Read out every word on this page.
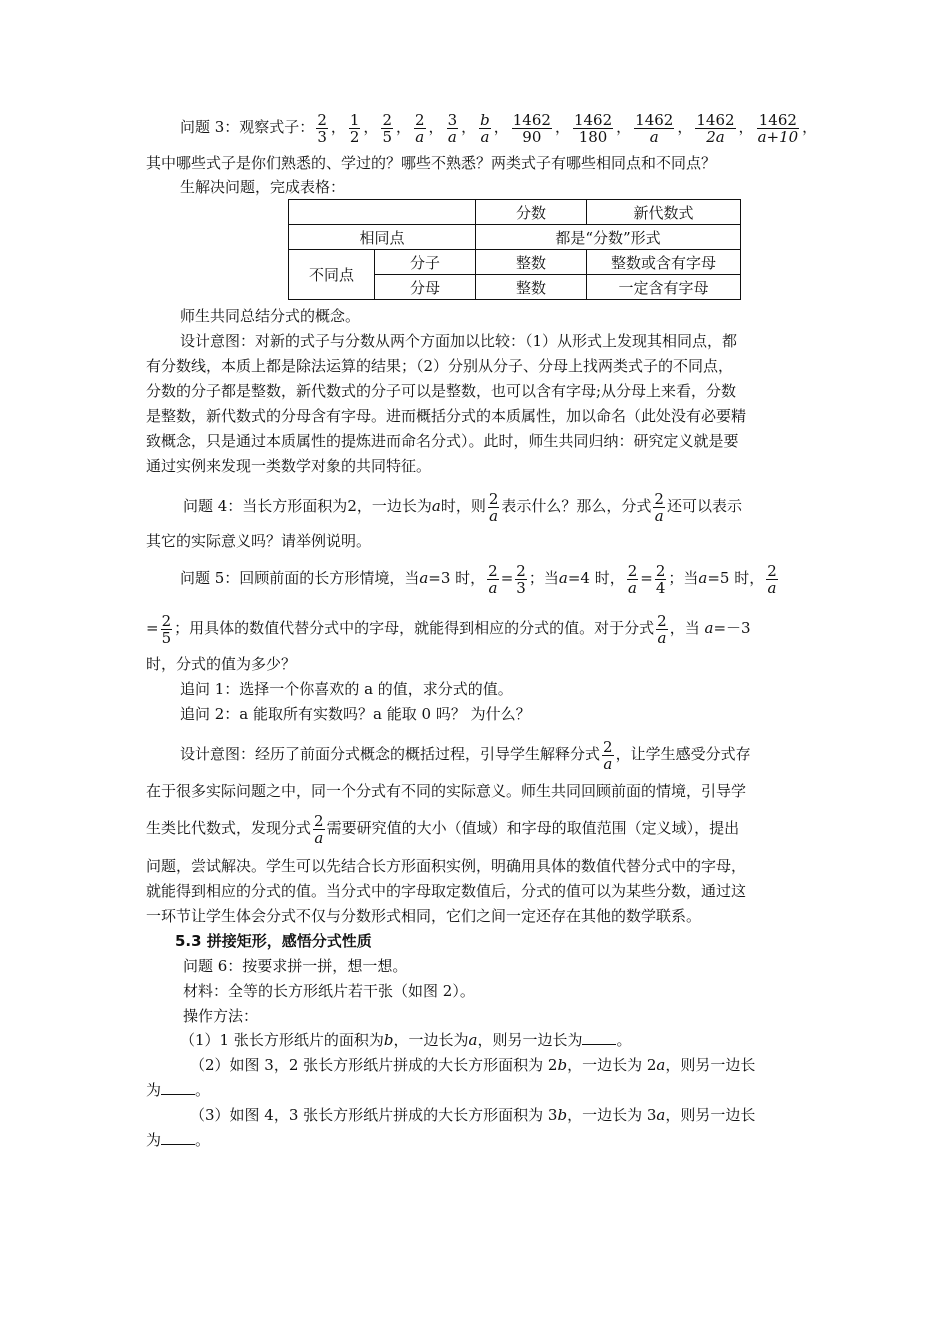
问题 3：观察式子： $\frac{2}{3}$ ， $\frac{1}{2}$ ， $\frac{2}{5}$ ， $\frac{2}{a}$ ， $\frac{3}{a}$ ， $\frac{b}{a}$ ， $\frac{1462}{90}$ ， $\frac{1462}{180}$ ， $\frac{1462}{a}$ ， $\frac{1462}{2a}$ ， $\frac{1462}{a+10}$ ，
其中哪些式子是你们熟悉的、学过的？哪些不熟悉？两类式子有哪些相同点和不同点？
生解决问题，完成表格：
		分数	新代数式
相同点		都是“分数”形式	
不同点	分子	整数	整数或含有字母
	分母	整数	一定含有字母
师生共同总结分式的概念。
设计意图：对新的式子与分数从两个方面加以比较：（1）从形式上发现其相同点，都
有分数线，本质上都是除法运算的结果；（2）分别从分子、分母上找两类式子的不同点，
分数的分子都是整数，新代数式的分子可以是整数，也可以含有字母;从分母上来看，分数
是整数，新代数式的分母含有字母。进而概括分式的本质属性，加以命名（此处没有必要精
致概念，只是通过本质属性的提炼进而命名分式）。此时，师生共同归纳：研究定义就是要
通过实例来发现一类数学对象的共同特征。
问题 4：当长方形面积为2，一边长为a时，则 $\frac{2}{a}$ 表示什么？那么，分式 $\frac{2}{a}$ 还可以表示
其它的实际意义吗？请举例说明。
问题 5：回顾前面的长方形情境，当a=3 时， $\frac{2}{a} = \frac{2}{3}$ ；当a=4 时， $\frac{2}{a} = \frac{2}{4}$ ；当a=5 时， $\frac{2}{a}$
= $\frac{2}{5}$ ；用具体的数值代替分式中的字母，就能得到相应的分式的值。对于分式 $\frac{2}{a}$ ，当 a=－3
时，分式的值为多少？
追问 1：选择一个你喜欢的 a 的值，求分式的值。
追问 2：a 能取所有实数吗？a 能取 0 吗？ 为什么？
设计意图：经历了前面分式概念的概括过程，引导学生解释分式 $\frac{2}{a}$ ，让学生感受分式存
在于很多实际问题之中，同一个分式有不同的实际意义。师生共同回顾前面的情境，引导学
生类比代数式，发现分式 $\frac{2}{a}$ 需要研究值的大小（值域）和字母的取值范围（定义域），提出
问题，尝试解决。学生可以先结合长方形面积实例，明确用具体的数值代替分式中的字母，
就能得到相应的分式的值。当分式中的字母取定数值后，分式的值可以为某些分数，通过这
一环节让学生体会分式不仅与分数形式相同，它们之间一定还存在其他的数学联系。
5.3 拼接矩形，感悟分式性质
问题 6：按要求拼一拼，想一想。
材料：全等的长方形纸片若干张（如图 2）。
操作方法：
（1）1 张长方形纸片的面积为b，一边长为a，则另一边长为 。
（2）如图 3，2 张长方形纸片拼成的大长方形面积为 2b，一边长为 2a，则另一边长
为 。
（3）如图 4，3 张长方形纸片拼成的大长方形面积为 3b，一边长为 3a，则另一边长
为 。
